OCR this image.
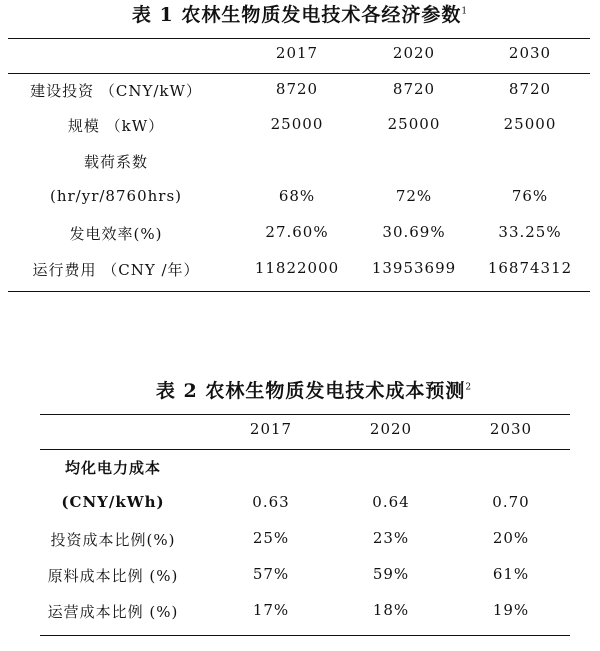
表 1 农林生物质发电技术各经济参数$^1$
2017	2020	2030
建设投资 （CNY/kW）	8720	8720	8720
规模 （kW）	25000	25000	25000
载荷系数
(hr/yr/8760hrs)	68%	72%	76%
发电效率(%)	27.60%	30.69%	33.25%
运行费用 （CNY /年）	11822000 13953699 16874312
表 2 农林生物质发电技术成本预测$^2$
2017	2020	2030
均化电力成本
(CNY/kWh)	0.63	0.64	0.70
投资成本比例(%)	25%	23%	20%
原料成本比例 (%)	57%	59%	61%
运营成本比例 (%)	17%	18%	19%
